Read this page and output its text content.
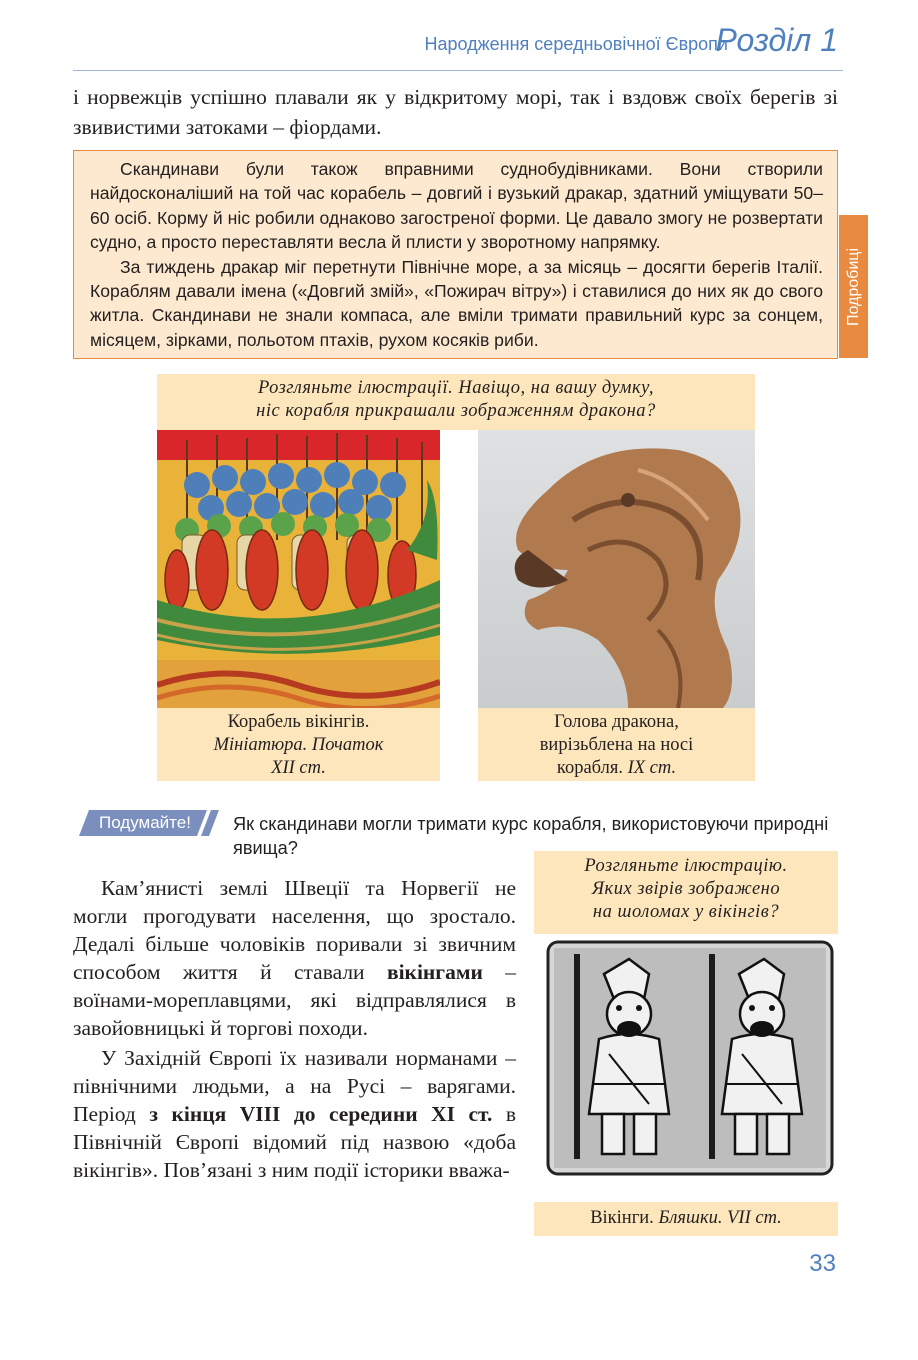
Народження середньовічної Європи
Розділ 1
і норвежців успішно плавали як у відкритому морі, так і вздовж своїх берегів зі звивистими затоками – фіордами.

Скандинави були також вправними суднобудівниками. Вони створили найдосконаліший на той час корабель – довгий і вузький дракар, здатний уміщувати 50–60 осіб. Корму й ніс робили однаково загостреної форми. Це давало змогу не розвертати судно, а просто переставляти весла й плисти у зворотному напрямку.

За тиждень дракар міг перетнути Північне море, а за місяць – досягти берегів Італії. Кораблям давали імена («Довгий змій», «Пожирач вітру») і ставилися до них як до свого житла. Скандинави не знали компаса, але вміли тримати правильний курс за сонцем, місяцем, зірками, польотом птахів, рухом косяків риби.

Подробиці
Розгляньте ілюстрації. Навіщо, на вашу думку,
ніс корабля прикрашали зображенням дракона?
Корабель вікінгів.
Мініатюра. Початок
XII ст.
Голова дракона,
вирізьблена на носі
корабля. IX ст.
Подумайте! Як скандинави могли тримати курс корабля, використовуючи природні явища?

Кам’янисті землі Швеції та Норвегії не могли прогодувати населення, що зростало. Дедалі більше чоловіків поривали зі звичним способом життя й ставали вікінгами – воїнами-мореплавцями, які відправлялися в завойовницькі й торгові походи.

У Західній Європі їх називали норманами – північними людьми, а на Русі – варягами. Період з кінця VIII до середини XI ст. в Північній Європі відомий під назвою «доба вікінгів». Пов’язані з ним події історики вважа-

Розгляньте ілюстрацію.
Яких звірів зображено
на шоломах у вікінгів?
Вікінги. Бляшки. VII ст.
33
